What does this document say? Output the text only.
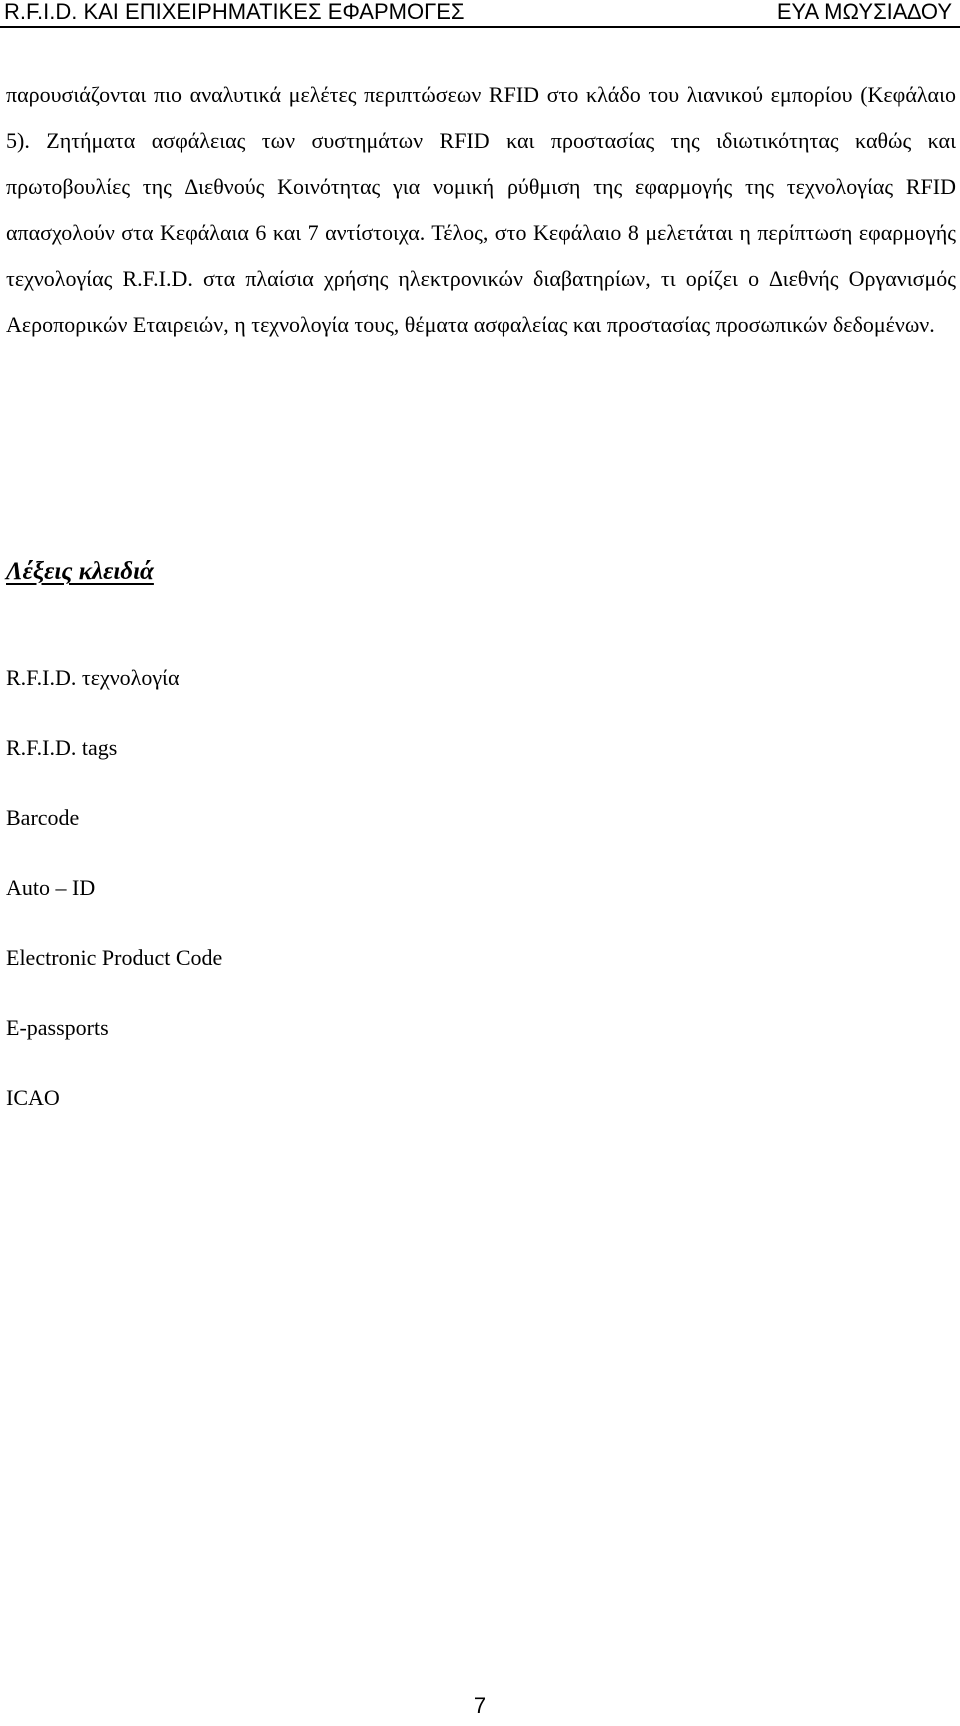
R.F.I.D. ΚΑΙ ΕΠΙΧΕΙΡΗΜΑΤΙΚΕΣ ΕΦΑΡΜΟΓΕΣ	ΕΥΑ ΜΩΥΣΙΑ∆ΟΥ

παρουσιάζονται πιο αναλυτικά μελέτες περιπτώσεων RFID στο κλάδο του λιανικού εμπορίου (Κεφάλαιο 5). Ζητήματα ασφάλειας των συστημάτων RFID και προστασίας της ιδιωτικότητας καθώς και πρωτοβουλίες της ∆ιεθνούς Κοινότητας για νομική ρύθμιση της εφαρμογής της τεχνολογίας RFID απασχολούν στα Κεφάλαια 6 και 7 αντίστοιχα. Τέλος, στο Κεφάλαιο 8 μελετάται η περίπτωση εφαρμογής τεχνολογίας R.F.I.D. στα πλαίσια χρήσης ηλεκτρονικών διαβατηρίων, τι ορίζει ο ∆ιεθνής Οργανισμός Αεροπορικών Εταιρειών, η τεχνολογία τους, θέματα ασφαλείας και προστασίας προσωπικών δεδομένων.

Λέξεις κλειδιά
R.F.I.D. τεχνολογία
R.F.I.D. tags
Barcode
Auto – ID
Electronic Product Code
E-passports
ICAO
7
